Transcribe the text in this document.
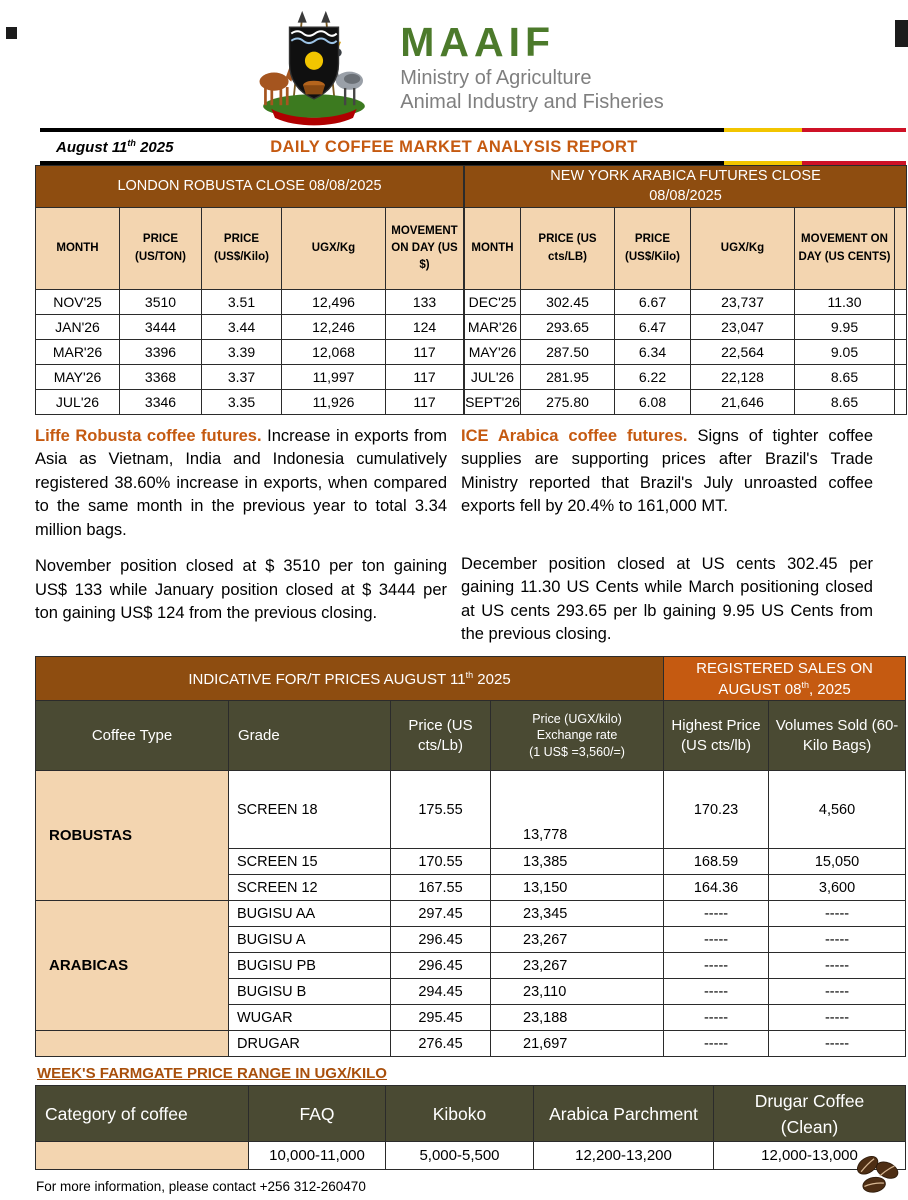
MAAIF
Ministry of Agriculture
Animal Industry and Fisheries
August 11th 2025	DAILY COFFEE MARKET ANALYSIS REPORT
LONDON ROBUSTA CLOSE 08/08/2025				
MONTH	PRICE (US/TON)	PRICE (US$/Kilo)	UGX/Kg	MOVEMENT ON DAY (US $)
NOV'25	3510	3.51	12,496	133
JAN'26	3444	3.44	12,246	124
MAR'26	3396	3.39	12,068	117
MAY'26	3368	3.37	11,997	117
JUL'26	3346	3.35	11,926	117
NEW YORK ARABICA FUTURES CLOSE
08/08/2025					

MONTH	PRICE (US cts/LB)	PRICE (US$/Kilo)	UGX/Kg	MOVEMENT ON DAY (US CENTS)	
DEC'25	302.45	6.67	23,737	11.30	
MAR'26	293.65	6.47	23,047	9.95	
MAY'26	287.50	6.34	22,564	9.05	
JUL'26	281.95	6.22	22,128	8.65	
SEPT'26	275.80	6.08	21,646	8.65	

Liffe Robusta coffee futures. Increase in exports from Asia as Vietnam, India and Indonesia cumulatively registered 38.60% increase in exports, when compared to the same month in the previous year to total 3.34 million bags.

November position closed at $ 3510 per ton gaining US$ 133 while January position closed at $ 3444 per ton gaining US$ 124 from the previous closing.

ICE Arabica coffee futures. Signs of tighter coffee supplies are supporting prices after Brazil's Trade Ministry reported that Brazil's July unroasted coffee exports fell by 20.4% to 161,000 MT.

December position closed at US cents 302.45 per gaining 11.30 US Cents while March positioning closed at US cents 293.65 per lb gaining 9.95 US Cents from the previous closing.

INDICATIVE FOR/T PRICES AUGUST 11th 2025				REGISTERED SALES ON AUGUST 08th, 2025	
Coffee Type	Grade	Price (US cts/Lb)	Price (UGX/kilo)
Exchange rate
(1 US$ =3,560/=)	Highest Price (US cts/lb)	Volumes Sold (60-Kilo Bags)
ROBUSTAS	SCREEN 18	175.55	13,778	170.23	4,560
	SCREEN 15	170.55	13,385	168.59	15,050
	SCREEN 12	167.55	13,150	164.36	3,600
ARABICAS	BUGISU AA	297.45	23,345	-----	-----
	BUGISU A	296.45	23,267	-----	-----
	BUGISU PB	296.45	23,267	-----	-----
	BUGISU B	294.45	23,110	-----	-----
	WUGAR	295.45	23,188	-----	-----
	DRUGAR	276.45	21,697	-----	-----
WEEK'S FARMGATE PRICE RANGE IN UGX/KILO
Category of coffee	FAQ	Kiboko	Arabica Parchment	Drugar Coffee (Clean)
	10,000-11,000	5,000-5,500	12,200-13,200	12,000-13,000
For more information, please contact +256 312-260470
